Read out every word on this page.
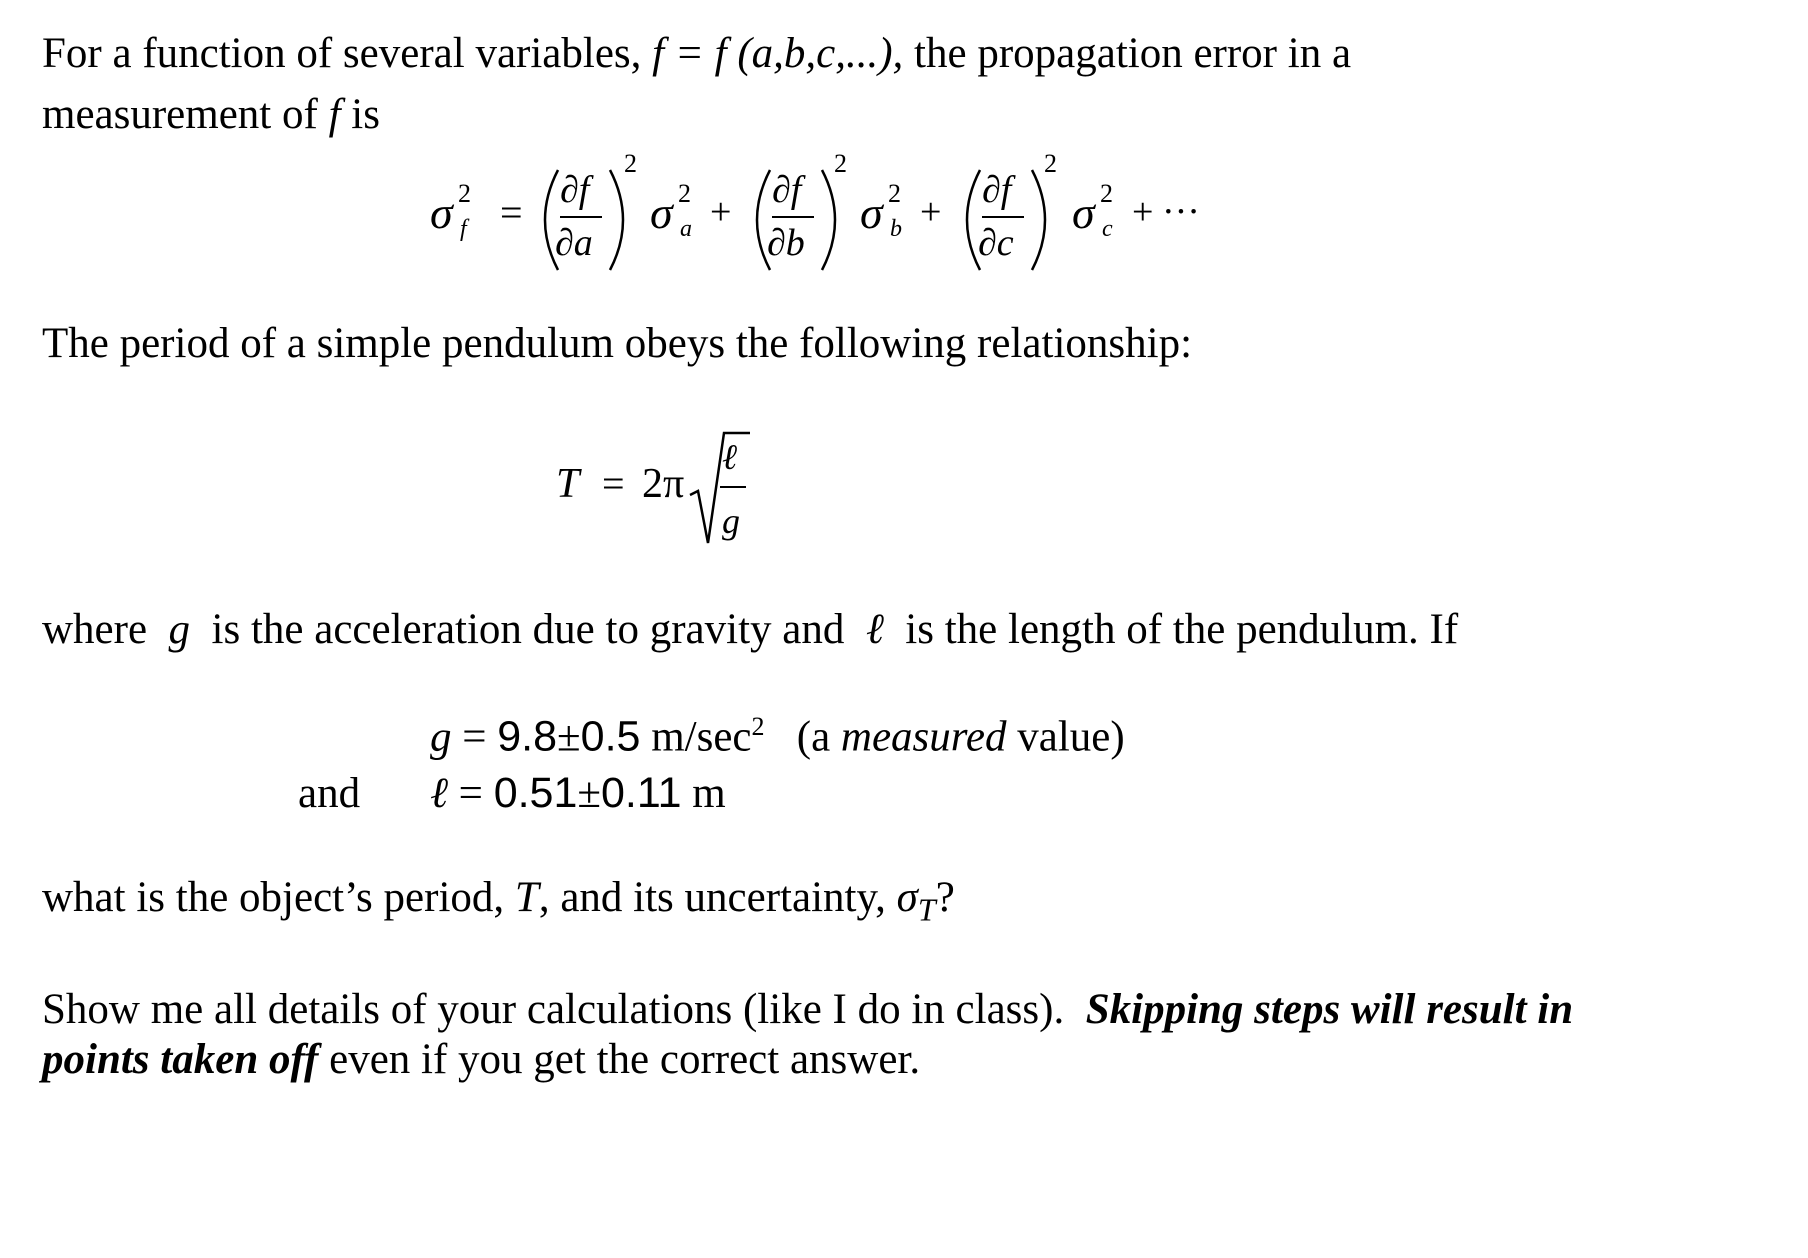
For a function of several variables, f = f (a,b,c,...), the propagation error in a
measurement of f is
σ 2
f = ∂f
∂a
2
σ 2
a +
∂f
∂b
2
σ 2
b +
∂f
∂c
2
σ 2
c + ···
The period of a simple pendulum obeys the following relationship:
T = 2π
ℓ
g
where g is the acceleration due to gravity and ℓ is the length of the pendulum. If
g = 9.8±0.5 $m/\sec^2$ (a measured value)
and ℓ = 0.51±0.11 m
what is the object’s period, T, and its uncertainty, $\sigma_T$?
Show me all details of your calculations (like I do in class). Skipping steps will result in
points taken off even if you get the correct answer.
